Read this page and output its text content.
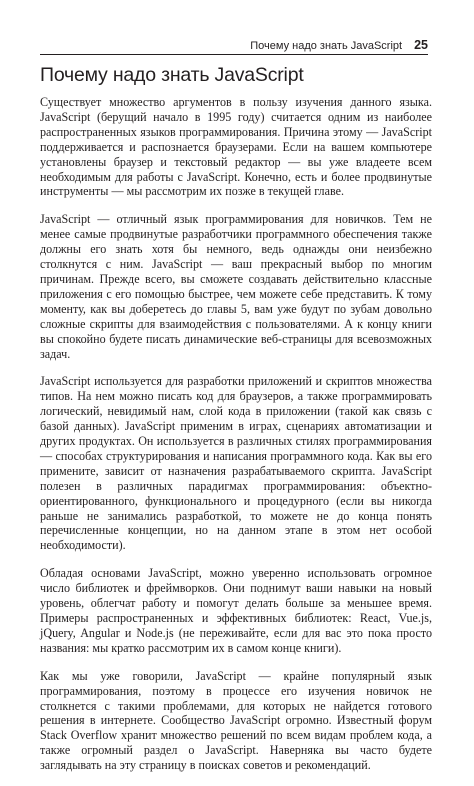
Почему надо знать JavaScript 25
Почему надо знать JavaScript

Существует множество аргументов в пользу изучения данного языка. JavaScript (берущий начало в 1995 году) считается одним из наиболее распространенных языков программирования. Причина этому — JavaScript поддерживается и распознается браузерами. Если на вашем компьютере установлены браузер и текстовый редактор — вы уже владеете всем необходимым для работы с JavaScript. Конечно, есть и более продвинутые инструменты — мы рассмотрим их позже в текущей главе.

JavaScript — отличный язык программирования для новичков. Тем не менее самые продвинутые разработчики программного обеспечения также должны его знать хотя бы немного, ведь однажды они неизбежно столкнутся с ним. JavaScript — ваш прекрасный выбор по многим причинам. Прежде всего, вы сможете создавать действительно классные приложения с его помощью быстрее, чем можете себе представить. К тому моменту, как вы доберетесь до главы 5, вам уже будут по зубам довольно сложные скрипты для взаимодействия с пользователями. А к концу книги вы спокойно будете писать динамические веб-страницы для всевозможных задач.

JavaScript используется для разработки приложений и скриптов множества типов. На нем можно писать код для браузеров, а также программировать логический, невидимый нам, слой кода в приложении (такой как связь с базой данных). JavaScript применим в играх, сценариях автоматизации и других продуктах. Он используется в различных стилях программирования — способах структурирования и написания программного кода. Как вы его примените, зависит от назначения разрабатываемого скрипта. JavaScript полезен в различных парадигмах программирования: объектно-ориентированного, функционального и процедурного (если вы никогда раньше не занимались разработкой, то можете не до конца понять перечисленные концепции, но на данном этапе в этом нет особой необходимости).

Обладая основами JavaScript, можно уверенно использовать огромное число библиотек и фреймворков. Они поднимут ваши навыки на новый уровень, облегчат работу и помогут делать больше за меньшее время. Примеры распространенных и эффективных библиотек: React, Vue.js, jQuery, Angular и Node.js (не переживайте, если для вас это пока просто названия: мы кратко рассмотрим их в самом конце книги).

Как мы уже говорили, JavaScript — крайне популярный язык программирования, поэтому в процессе его изучения новичок не столкнется с такими проблемами, для которых не найдется готового решения в интернете. Сообщество JavaScript огромно. Известный форум Stack Overflow хранит множество решений по всем видам проблем кода, а также огромный раздел о JavaScript. Наверняка вы часто будете заглядывать на эту страницу в поисках советов и рекомендаций.
